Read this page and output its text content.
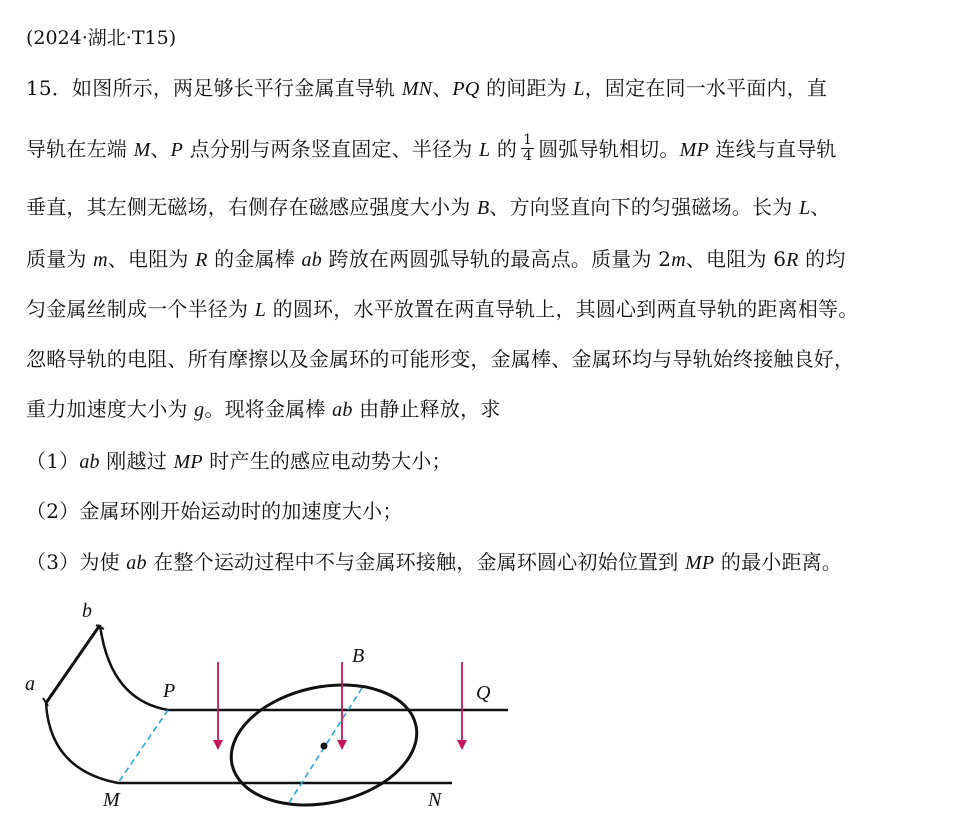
(2024·湖北·T15)
15．如图所示，两足够长平行金属直导轨 MN、PQ 的间距为 L，固定在同一水平面内，直
导轨在左端 M、P 点分别与两条竖直固定、半径为 L 的 $\frac{1}{4}$ 圆弧导轨相切。MP 连线与直导轨
垂直，其左侧无磁场，右侧存在磁感应强度大小为 B、方向竖直向下的匀强磁场。长为 L、
质量为 m、电阻为 R 的金属棒 ab 跨放在两圆弧导轨的最高点。质量为 2m、电阻为 6R 的均
匀金属丝制成一个半径为 L 的圆环，水平放置在两直导轨上，其圆心到两直导轨的距离相等。
忽略导轨的电阻、所有摩擦以及金属环的可能形变，金属棒、金属环均与导轨始终接触良好，
重力加速度大小为 g。现将金属棒 ab 由静止释放，求
（1）ab 刚越过 MP 时产生的感应电动势大小；
（2）金属环刚开始运动时的加速度大小；
（3）为使 ab 在整个运动过程中不与金属环接触，金属环圆心初始位置到 MP 的最小距离。
a
b
P	Q
M	N
B
